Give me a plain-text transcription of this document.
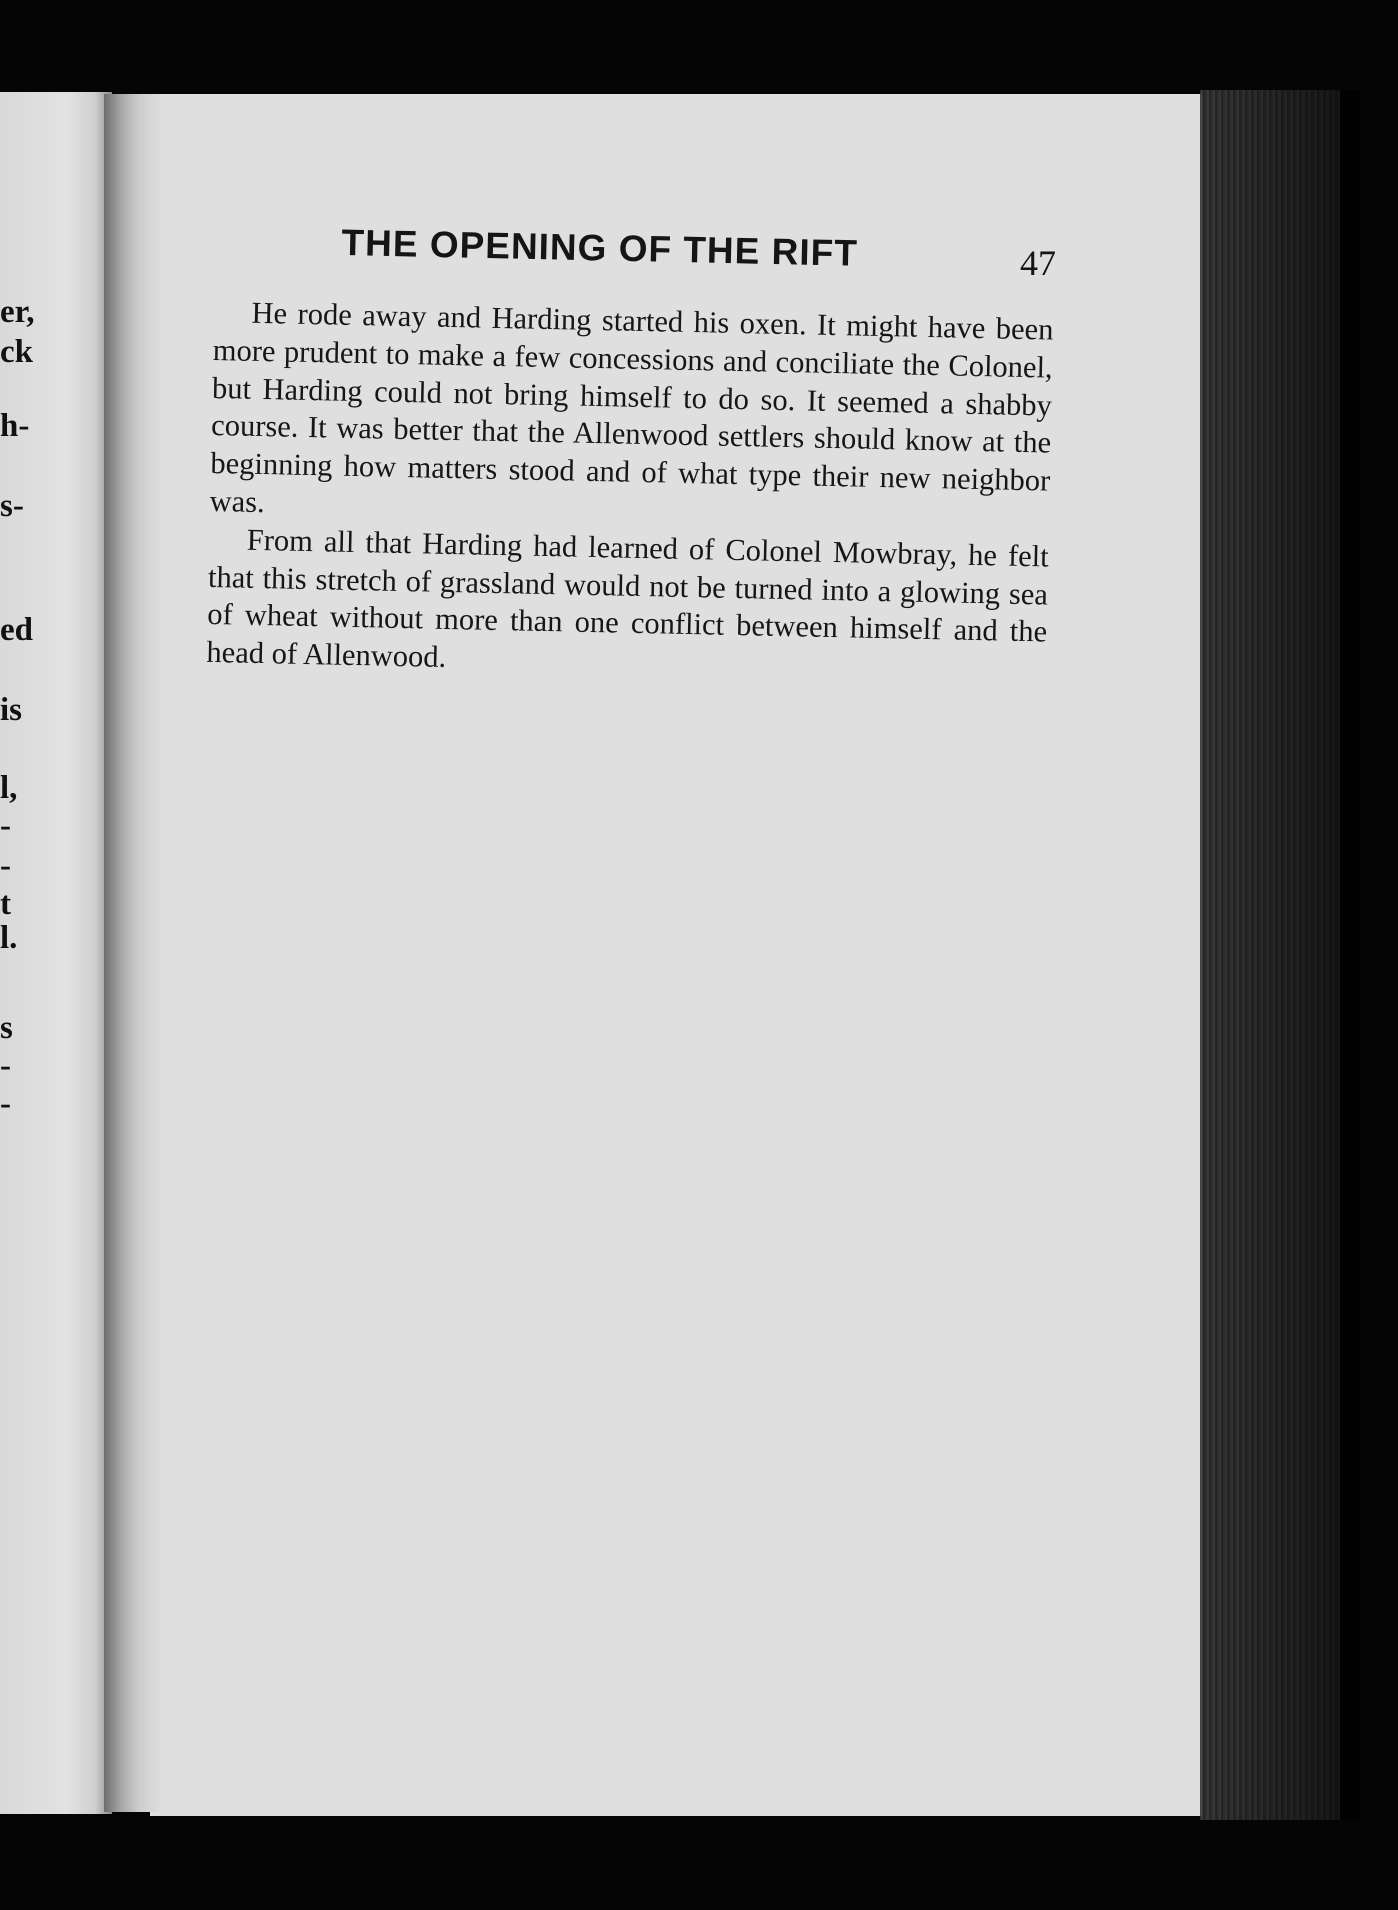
er,
ck
h-
s-
ed
is
l,
-
-
t
l.
s
-
-
THE OPENING OF THE RIFT	47

He rode away and Harding started his oxen. It might have been more prudent to make a few concessions and conciliate the Colonel, but Harding could not bring himself to do so. It seemed a shabby course. It was better that the Allenwood settlers should know at the beginning how matters stood and of what type their new neighbor was.

From all that Harding had learned of Colonel Mowbray, he felt that this stretch of grassland would not be turned into a glowing sea of wheat without more than one conflict between himself and the head of Allenwood.
